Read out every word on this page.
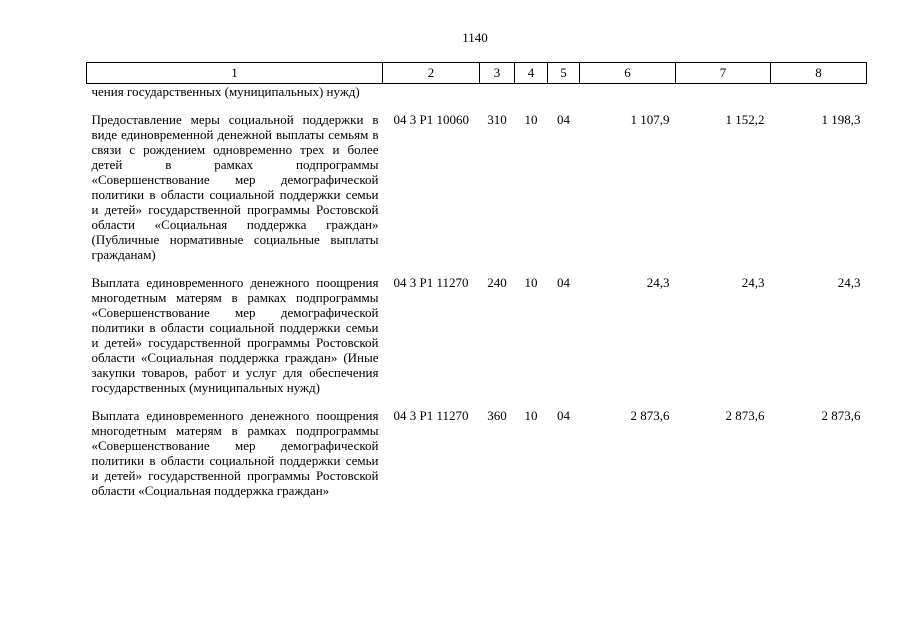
1140
1	2	3	4	5	6	7	8
чения государственных (муниципальных) нужд)							

Предоставление меры социальной поддержки в виде единовременной денежной выплаты семьям в связи с рождением одновременно трех и более детей в рамках подпрограммы «Совершенствование мер демографической политики в области социальной поддержки семьи и детей» государственной программы Ростовской области «Социальная поддержка граждан» (Публичные нормативные социальные выплаты гражданам)	04 3 P1 10060	310	10	04	1 107,9	1 152,2	1 198,3

Выплата единовременного денежного поощрения многодетным матерям в рамках подпрограммы «Совершенствование мер демографической политики в области социальной поддержки семьи и детей» государственной программы Ростовской области «Социальная поддержка граждан» (Иные закупки товаров, работ и услуг для обеспечения государственных (муниципальных нужд)	04 3 P1 11270	240	10	04	24,3	24,3	24,3

Выплата единовременного денежного поощрения многодетным матерям в рамках подпрограммы «Совершенствование мер демографической политики в области социальной поддержки семьи и детей» государственной программы Ростовской области «Социальная поддержка граждан»	04 3 P1 11270	360	10	04	2 873,6	2 873,6	2 873,6
